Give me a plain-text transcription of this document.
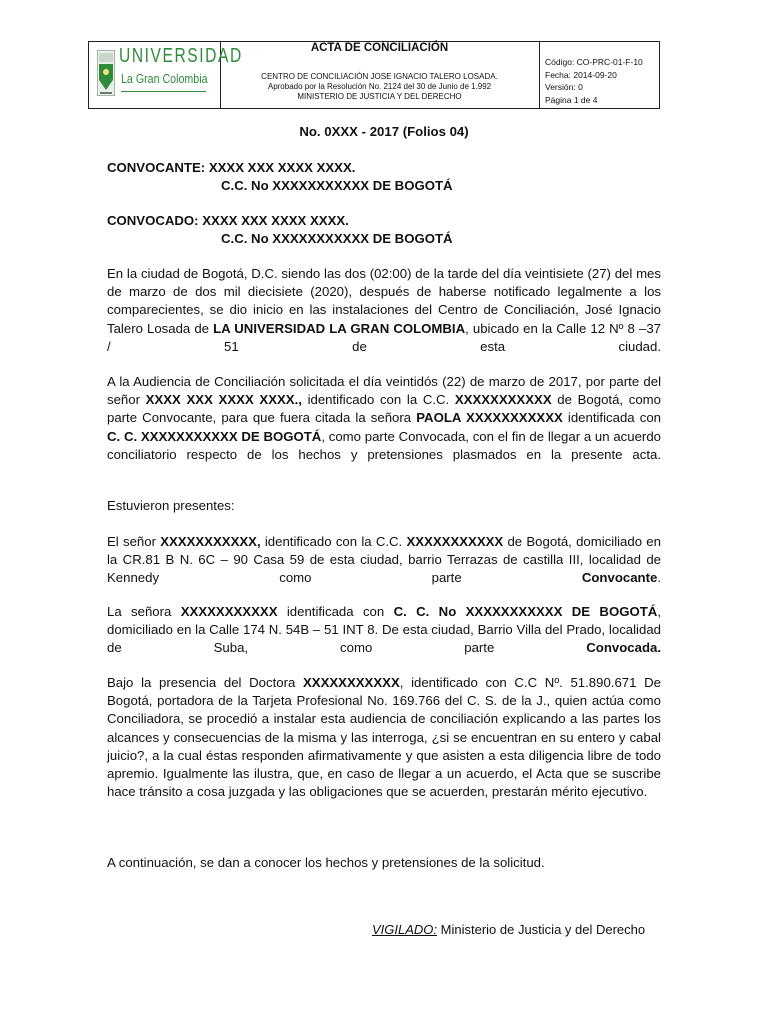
UNIVERSIDAD
La Gran Colombia
ACTA DE CONCILIACIÓN
CENTRO DE CONCILIACIÓN JOSE IGNACIO TALERO LOSADA.
Aprobado por la Resolución No. 2124 del 30 de Junio de 1.992
MINISTERIO DE JUSTICIA Y DEL DERECHO
Código: CO-PRC-01-F-10
Fecha: 2014-09-20
Versión: 0
Página 1 de 4

No. 0XXX - 2017 (Folios 04)

CONVOCANTE: XXXX XXX XXXX XXXX.
C.C. No XXXXXXXXXXX DE BOGOTÁ

CONVOCADO: XXXX XXX XXXX XXXX.
C.C. No XXXXXXXXXXX DE BOGOTÁ

En la ciudad de Bogotá, D.C. siendo las dos (02:00) de la tarde del día veintisiete (27) del mes de marzo de dos mil diecisiete (2020), después de haberse notificado legalmente a los comparecientes, se dio inicio en las instalaciones del Centro de Conciliación, José Ignacio Talero Losada de LA UNIVERSIDAD LA GRAN COLOMBIA, ubicado en la Calle 12 Nº 8 –37 / 51 de esta ciudad.

A la Audiencia de Conciliación solicitada el día veintidós (22) de marzo de 2017, por parte del señor XXXX XXX XXXX XXXX., identificado con la C.C. XXXXXXXXXXX de Bogotá, como parte Convocante, para que fuera citada la señora PAOLA XXXXXXXXXXX identificada con C. C. XXXXXXXXXXX DE BOGOTÁ, como parte Convocada, con el fin de llegar a un acuerdo conciliatorio respecto de los hechos y pretensiones plasmados en la presente acta.

Estuvieron presentes:

El señor XXXXXXXXXXX, identificado con la C.C. XXXXXXXXXXX de Bogotá, domiciliado en la CR.81 B N. 6C – 90 Casa 59 de esta ciudad, barrio Terrazas de castilla III, localidad de Kennedy como parte Convocante.

La señora XXXXXXXXXXX identificada con C. C. No XXXXXXXXXXX DE BOGOTÁ, domiciliado en la Calle 174 N. 54B – 51 INT 8. De esta ciudad, Barrio Villa del Prado, localidad de Suba, como parte Convocada.

Bajo la presencia del Doctora XXXXXXXXXXX, identificado con C.C Nº. 51.890.671 De Bogotá, portadora de la Tarjeta Profesional No. 169.766 del C. S. de la J., quien actúa como Conciliadora, se procedió a instalar esta audiencia de conciliación explicando a las partes los alcances y consecuencias de la misma y las interroga, ¿si se encuentran en su entero y cabal juicio?, a la cual éstas responden afirmativamente y que asisten a esta diligencia libre de todo apremio. Igualmente las ilustra, que, en caso de llegar a un acuerdo, el Acta que se suscribe hace tránsito a cosa juzgada y las obligaciones que se acuerden, prestarán mérito ejecutivo.

A continuación, se dan a conocer los hechos y pretensiones de la solicitud.

VIGILADO: Ministerio de Justicia y del Derecho
